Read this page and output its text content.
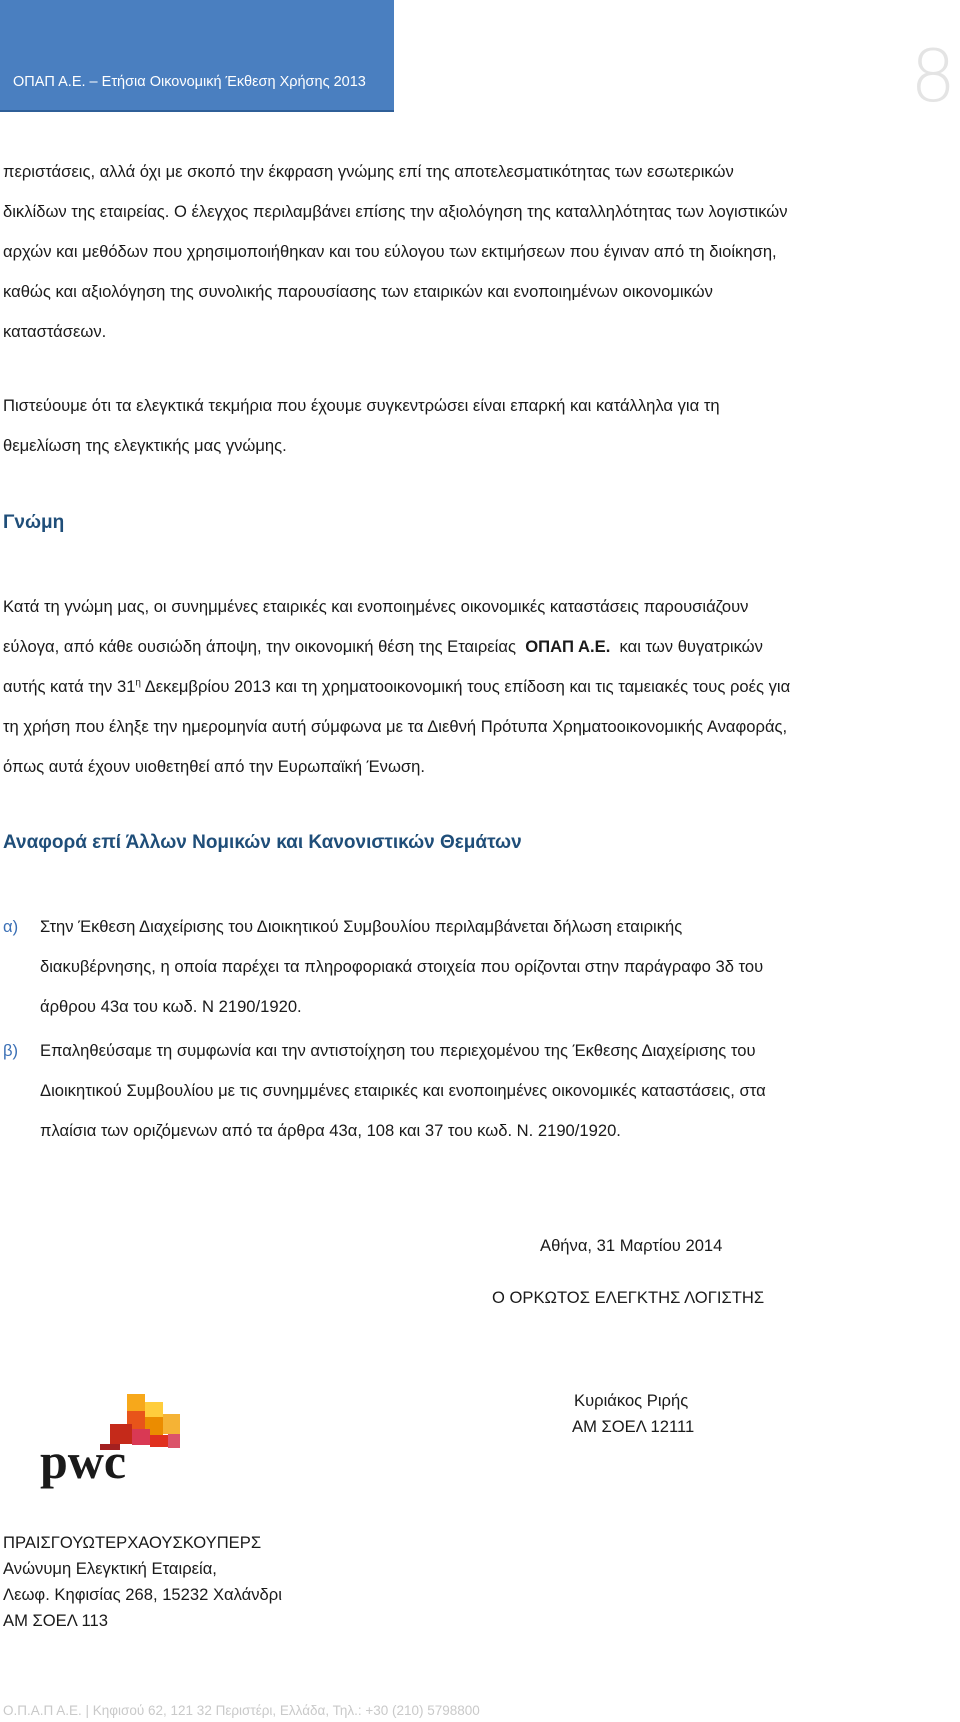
ΟΠΑΠ Α.Ε. – Ετήσια Οικονομική Έκθεση Χρήσης 2013	8
περιστάσεις, αλλά όχι με σκοπό την έκφραση γνώμης επί της αποτελεσματικότητας των εσωτερικών
δικλίδων της εταιρείας. Ο έλεγχος περιλαμβάνει επίσης την αξιολόγηση της καταλληλότητας των λογιστικών
αρχών και μεθόδων που χρησιμοποιήθηκαν και του εύλογου των εκτιμήσεων που έγιναν από τη διοίκηση,
καθώς και αξιολόγηση της συνολικής παρουσίασης των εταιρικών και ενοποιημένων οικονομικών
καταστάσεων.
Πιστεύουμε ότι τα ελεγκτικά τεκμήρια που έχουμε συγκεντρώσει είναι επαρκή και κατάλληλα για τη
θεμελίωση της ελεγκτικής μας γνώμης.
Γνώμη
Κατά τη γνώμη μας, οι συνημμένες εταιρικές και ενοποιημένες οικονομικές καταστάσεις παρουσιάζουν
εύλογα, από κάθε ουσιώδη άποψη, την οικονομική θέση της Εταιρείας  ΟΠΑΠ Α.Ε.  και των θυγατρικών
αυτής κατά την $31^\eta$ Δεκεμβρίου 2013 και τη χρηματοοικονομική τους επίδοση και τις ταμειακές τους ροές για
τη χρήση που έληξε την ημερομηνία αυτή σύμφωνα με τα Διεθνή Πρότυπα Χρηματοοικονομικής Αναφοράς,
όπως αυτά έχουν υιοθετηθεί από την Ευρωπαϊκή Ένωση.
Αναφορά επί Άλλων Νομικών και Κανονιστικών Θεμάτων
α) Στην Έκθεση Διαχείρισης του Διοικητικού Συμβουλίου περιλαμβάνεται δήλωση εταιρικής
διακυβέρνησης, η οποία παρέχει τα πληροφοριακά στοιχεία που ορίζονται στην παράγραφο 3δ του
άρθρου 43α του κωδ. Ν 2190/1920.
β) Επαληθεύσαμε τη συμφωνία και την αντιστοίχηση του περιεχομένου της Έκθεσης Διαχείρισης του
Διοικητικού Συμβουλίου με τις συνημμένες εταιρικές και ενοποιημένες οικονομικές καταστάσεις, στα
πλαίσια των οριζόμενων από τα άρθρα 43α, 108 και 37 του κωδ. Ν. 2190/1920.
Αθήνα, 31 Μαρτίου 2014
Ο ΟΡΚΩΤΟΣ ΕΛΕΓΚΤΗΣ ΛΟΓΙΣΤΗΣ
Κυριάκος Ριρής
ΑΜ ΣΟΕΛ 12111
pwc
ΠΡΑΙΣΓΟΥΩΤΕΡΧΑΟΥΣΚΟΥΠΕΡΣ
Ανώνυμη Ελεγκτική Εταιρεία,
Λεωφ. Κηφισίας 268, 15232 Χαλάνδρι
ΑΜ ΣΟΕΛ 113
Ο.Π.Α.Π Α.Ε. | Κηφισού 62, 121 32 Περιστέρι, Ελλάδα, Τηλ.: +30 (210) 5798800
